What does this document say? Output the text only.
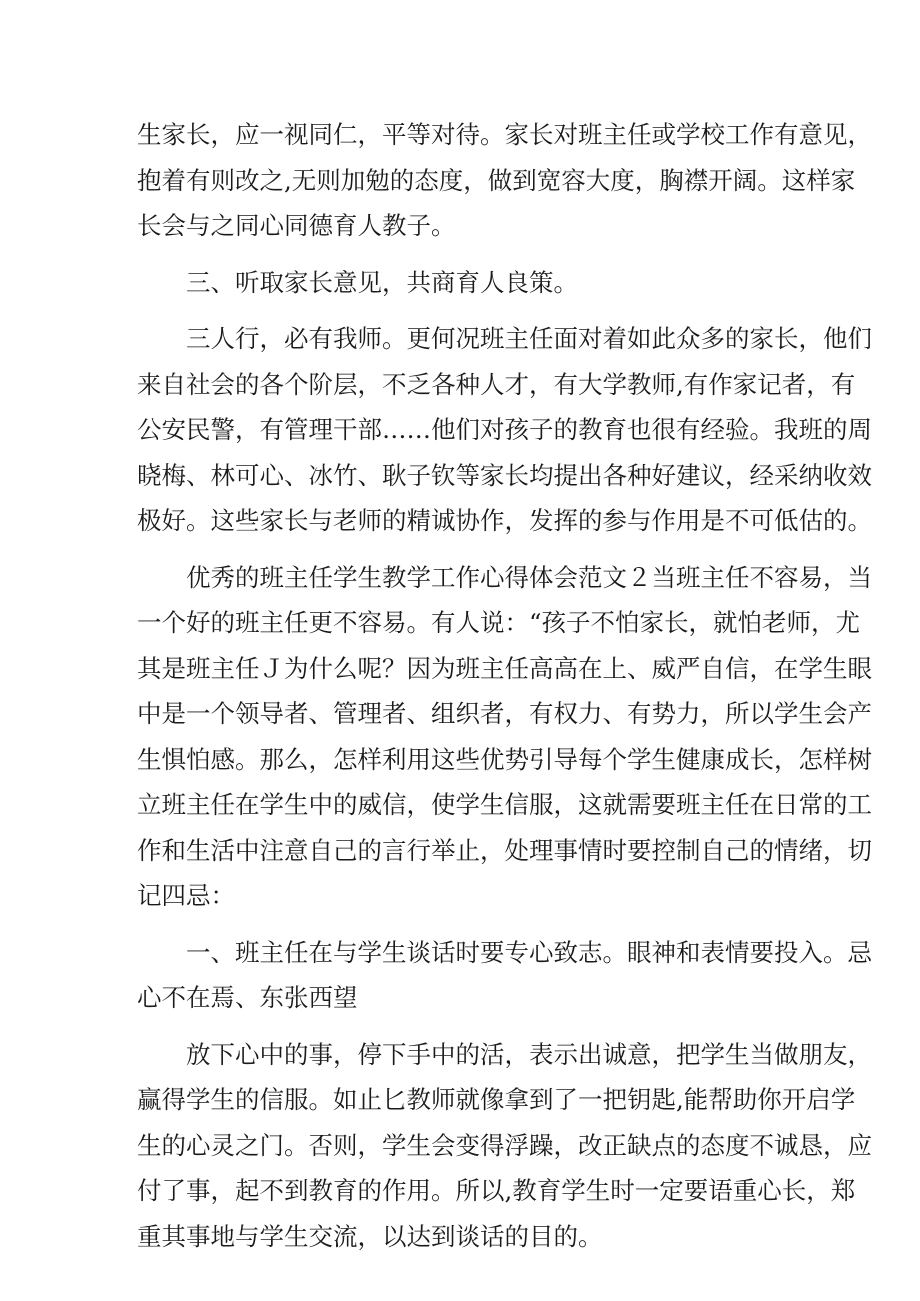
生家长，应一视同仁，平等对待。家长对班主任或学校工作有意见，
抱着有则改之,无则加勉的态度，做到宽容大度，胸襟开阔。这样家
长会与之同心同德育人教子。
　　三、听取家长意见，共商育人良策。
　　三人行，必有我师。更何况班主任面对着如此众多的家长，他们
来自社会的各个阶层，不乏各种人才，有大学教师,有作家记者，有
公安民警，有管理干部……他们对孩子的教育也很有经验。我班的周
晓梅、林可心、冰竹、耿子钦等家长均提出各种好建议，经采纳收效
极好。这些家长与老师的精诚协作，发挥的参与作用是不可低估的。
　　优秀的班主任学生教学工作心得体会范文２当班主任不容易，当
一个好的班主任更不容易。有人说：“孩子不怕家长，就怕老师，尤
其是班主任Ｊ为什么呢？因为班主任高高在上、威严自信，在学生眼
中是一个领导者、管理者、组织者，有权力、有势力，所以学生会产
生惧怕感。那么，怎样利用这些优势引导每个学生健康成长，怎样树
立班主任在学生中的威信，使学生信服，这就需要班主任在日常的工
作和生活中注意自己的言行举止，处理事情时要控制自己的情绪，切
记四忌：
　　一、班主任在与学生谈话时要专心致志。眼神和表情要投入。忌
心不在焉、东张西望
　　放下心中的事，停下手中的活，表示出诚意，把学生当做朋友，
赢得学生的信服。如止匕教师就像拿到了一把钥匙,能帮助你开启学
生的心灵之门。否则，学生会变得浮躁，改正缺点的态度不诚恳，应
付了事，起不到教育的作用。所以,教育学生时一定要语重心长，郑
重其事地与学生交流，以达到谈话的目的。
